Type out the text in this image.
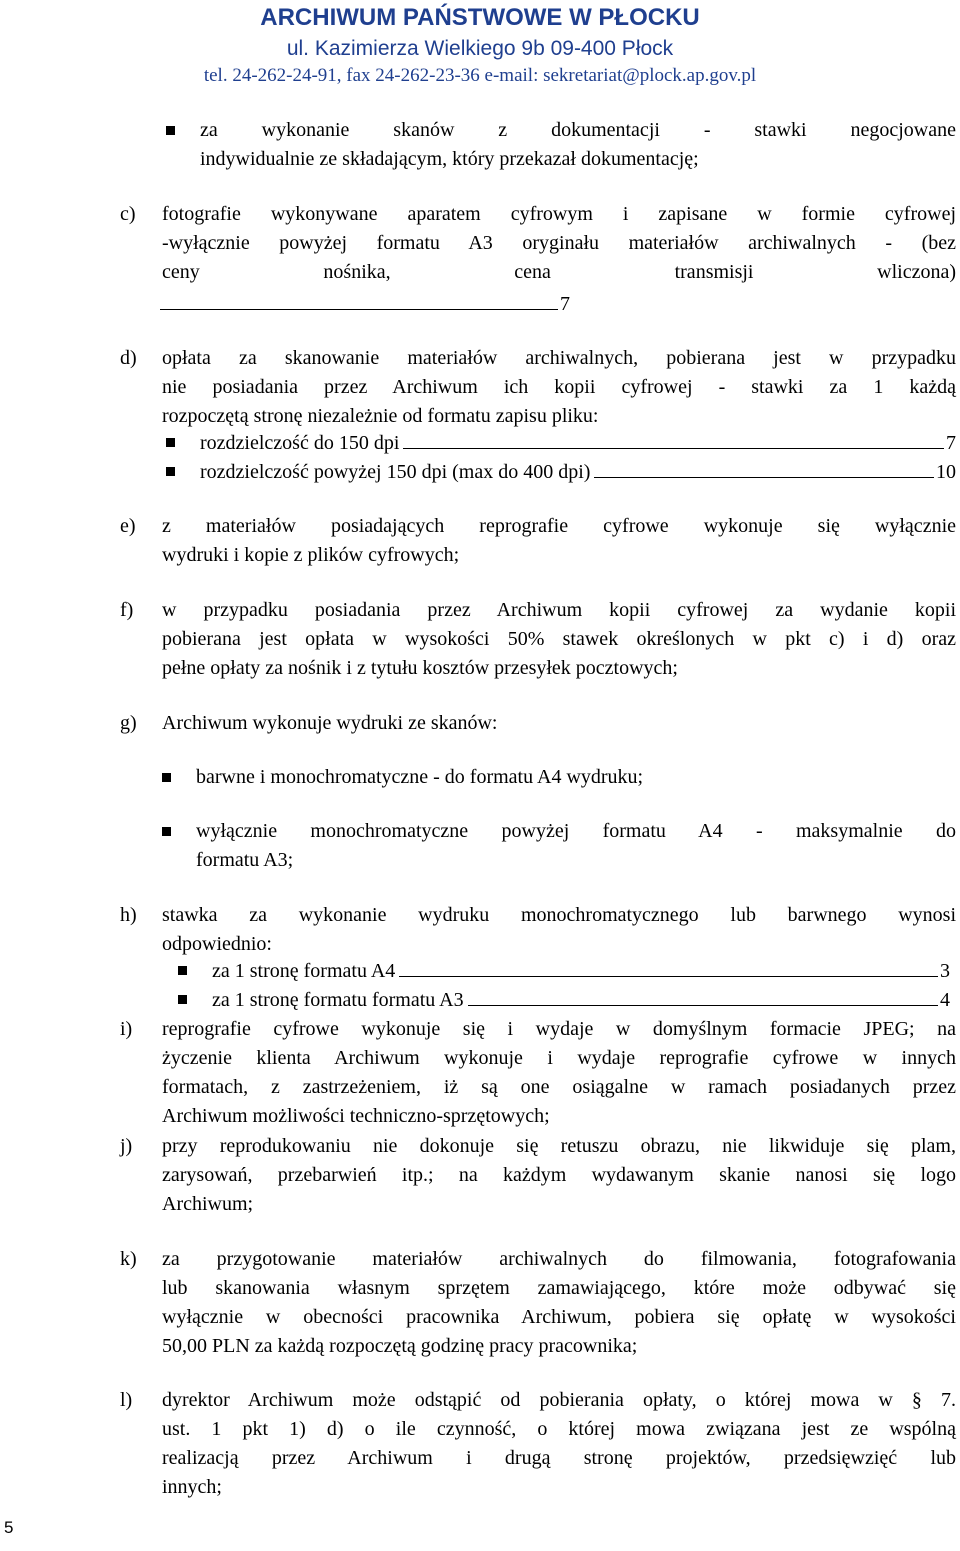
ARCHIWUM PAŃSTWOWE W PŁOCKU
ul. Kazimierza Wielkiego 9b 09-400 Płock
tel. 24-262-24-91, fax 24-262-23-36 e-mail: sekretariat@plock.ap.gov.pl
za wykonanie skanów z dokumentacji - stawki negocjowane
indywidualnie ze składającym, który przekazał dokumentację;
c) fotografie wykonywane aparatem cyfrowym i zapisane w formie cyfrowej
-wyłącznie powyżej formatu A3 oryginału materiałów archiwalnych - (bez
ceny nośnika, cena transmisji wliczona)
7
d) opłata za skanowanie materiałów archiwalnych, pobierana jest w przypadku
nie posiadania przez Archiwum ich kopii cyfrowej - stawki za 1 każdą
rozpoczętą stronę niezależnie od formatu zapisu pliku:
rozdzielczość do 150 dpi	7
rozdzielczość powyżej 150 dpi (max do 400 dpi)	10
e) z materiałów posiadających reprografie cyfrowe wykonuje się wyłącznie
wydruki i kopie z plików cyfrowych;
f) w przypadku posiadania przez Archiwum kopii cyfrowej za wydanie kopii
pobierana jest opłata w wysokości 50% stawek określonych w pkt c) i d) oraz
pełne opłaty za nośnik i z tytułu kosztów przesyłek pocztowych;
g) Archiwum wykonuje wydruki ze skanów:
barwne i monochromatyczne - do formatu A4 wydruku;
wyłącznie monochromatyczne powyżej formatu A4 - maksymalnie do
formatu A3;
h) stawka za wykonanie wydruku monochromatycznego lub barwnego wynosi
odpowiednio:
za 1 stronę formatu A4	3
za 1 stronę formatu formatu A3	4
i) reprografie cyfrowe wykonuje się i wydaje w domyślnym formacie JPEG; na
życzenie klienta Archiwum wykonuje i wydaje reprografie cyfrowe w innych
formatach, z zastrzeżeniem, iż są one osiągalne w ramach posiadanych przez
Archiwum możliwości techniczno-sprzętowych;
j) przy reprodukowaniu nie dokonuje się retuszu obrazu, nie likwiduje się plam,
zarysowań, przebarwień itp.; na każdym wydawanym skanie nanosi się logo
Archiwum;
k) za przygotowanie materiałów archiwalnych do filmowania, fotografowania
lub skanowania własnym sprzętem zamawiającego, które może odbywać się
wyłącznie w obecności pracownika Archiwum, pobiera się opłatę w wysokości
50,00 PLN za każdą rozpoczętą godzinę pracy pracownika;
l) dyrektor Archiwum może odstąpić od pobierania opłaty, o której mowa w § 7.
ust. 1 pkt 1) d) o ile czynność, o której mowa związana jest ze wspólną
realizacją przez Archiwum i drugą stronę projektów, przedsięwzięć lub
innych;
5
